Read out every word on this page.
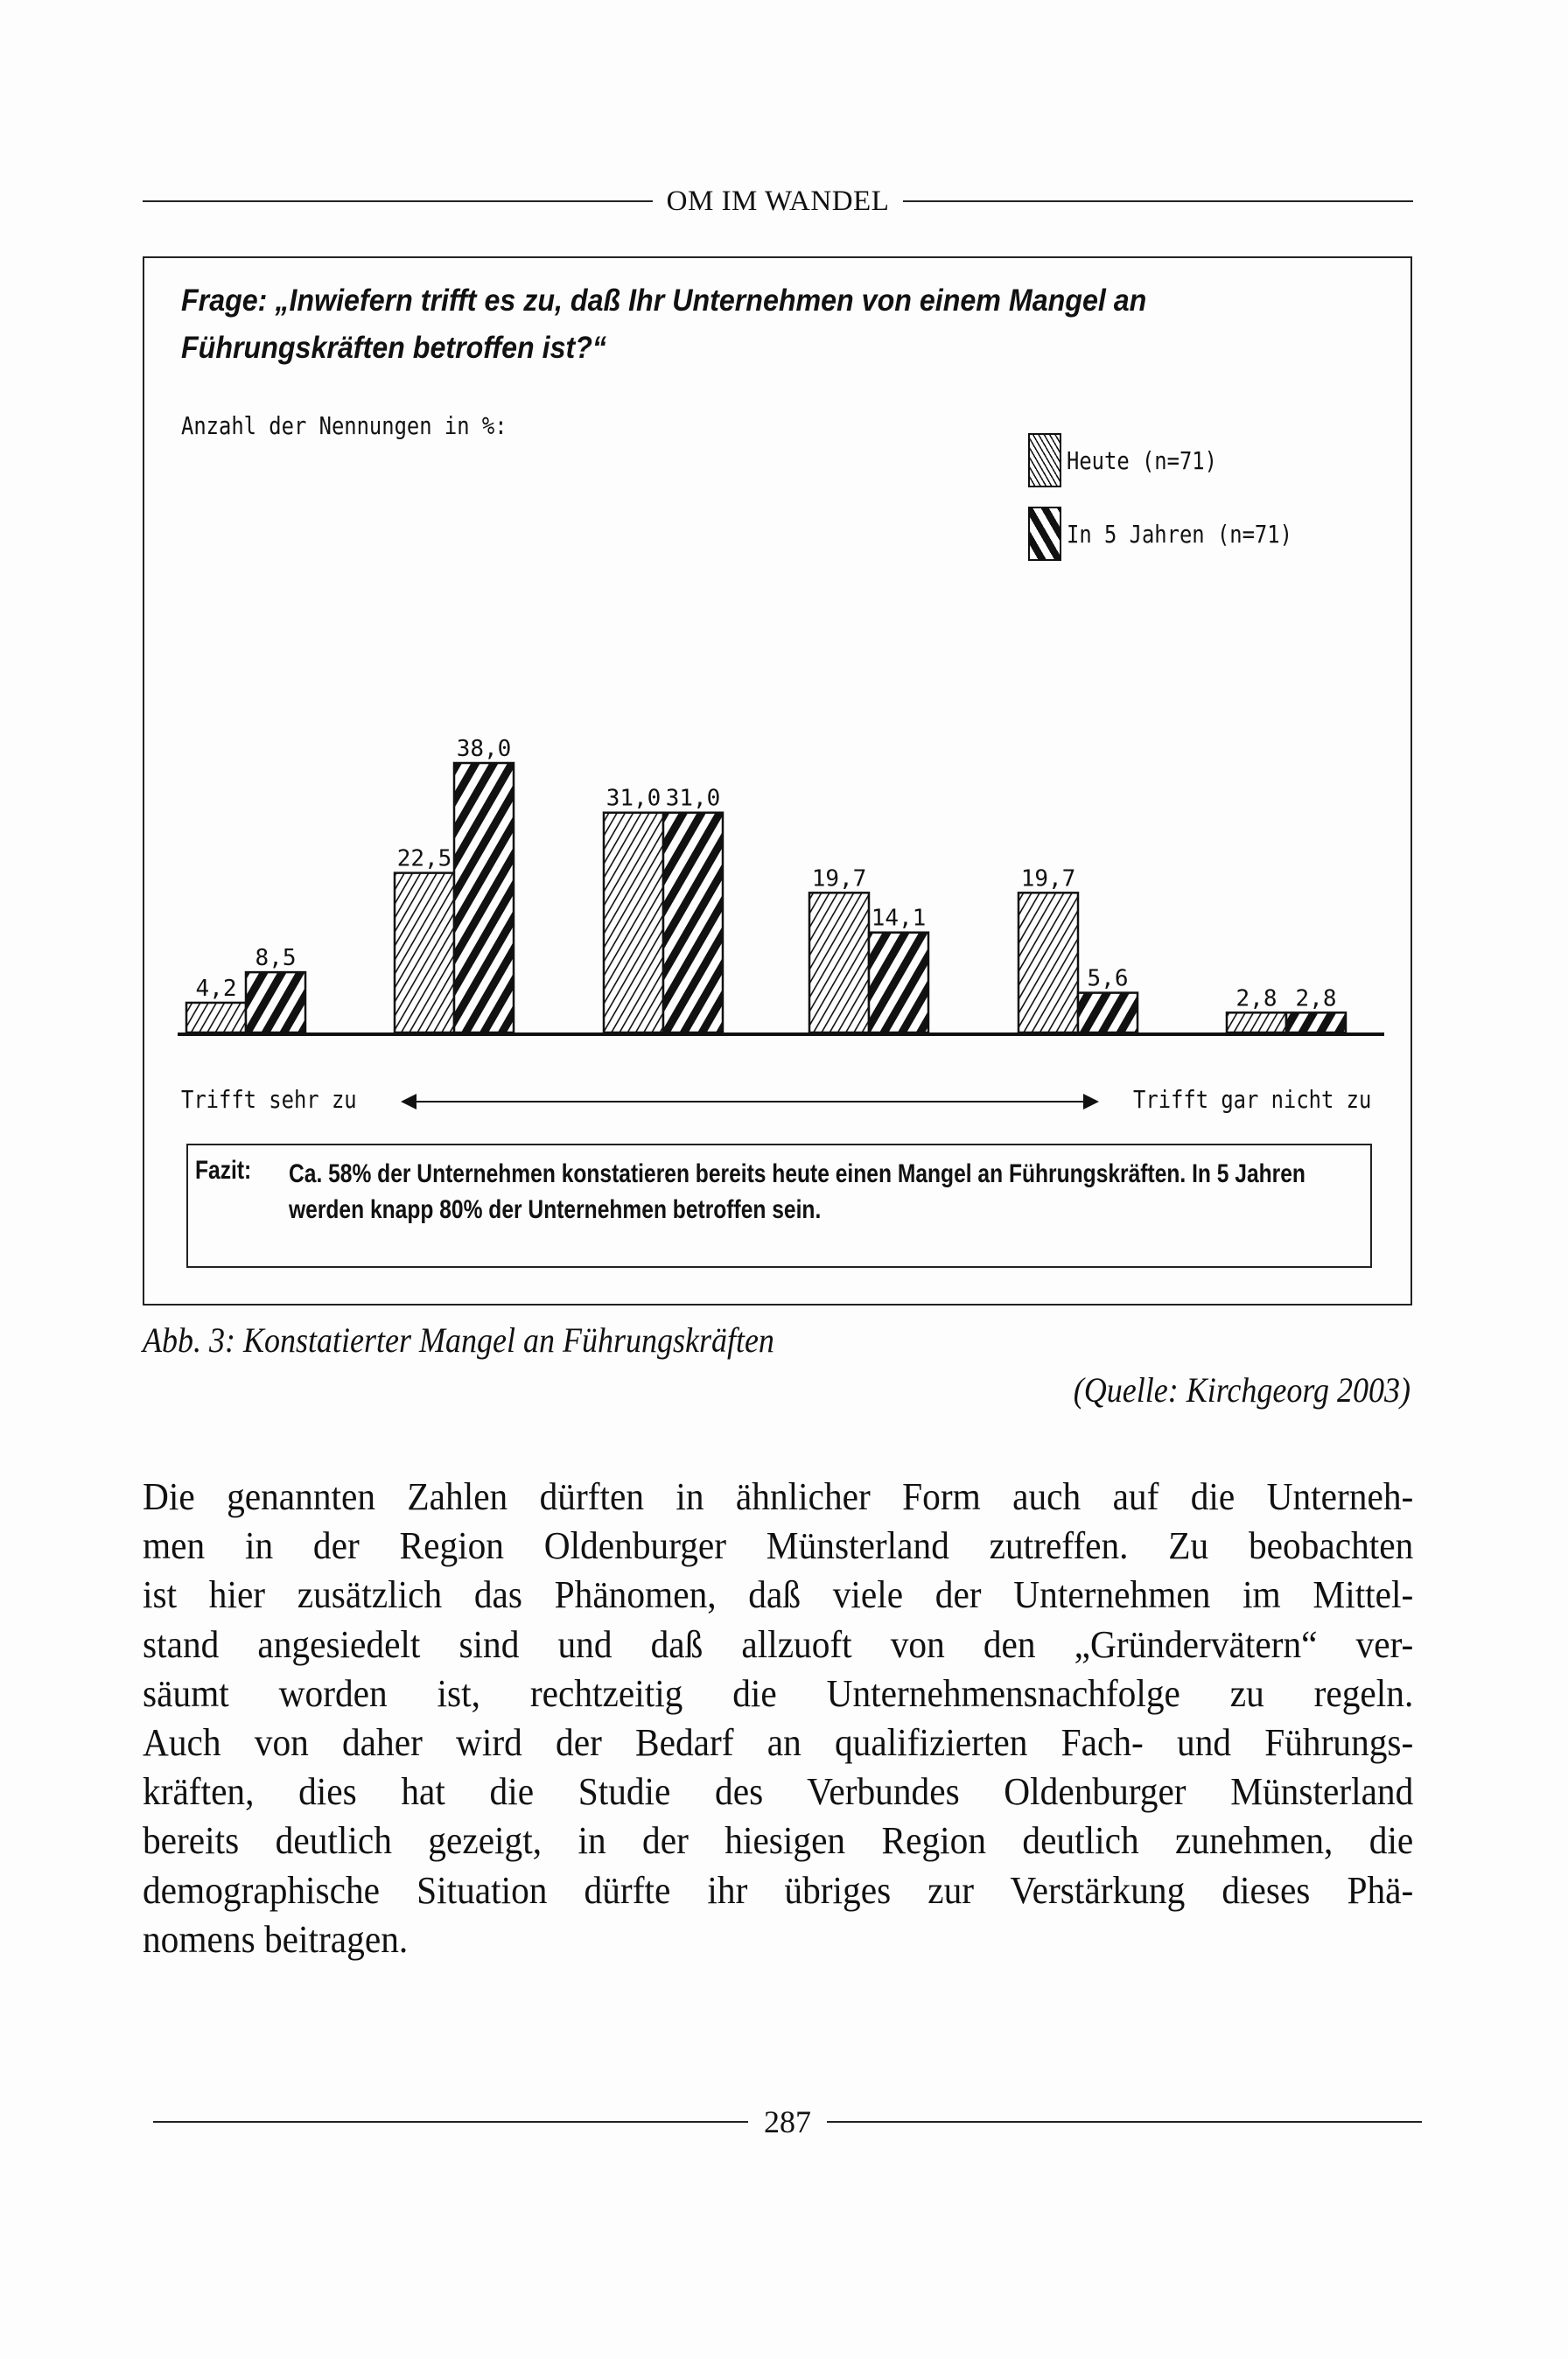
OM IM WANDEL
Frage: „Inwiefern trifft es zu, daß Ihr Unternehmen von einem Mangel an Führungskräften betroffen ist?“
Anzahl der Nennungen in %:
4,2
8,5
22,5
38,0
31,0 31,0
19,7
14,1
19,7
5,6
2,8 2,8
Heute (n=71)
In 5 Jahren (n=71)
Trifft sehr zu	Trifft gar nicht zu
Fazit: Ca. 58% der Unternehmen konstatieren bereits heute einen Mangel an Führungskräften. In 5 Jahren werden knapp 80% der Unternehmen betroffen sein.
Abb. 3: Konstatierter Mangel an Führungskräften
(Quelle: Kirchgeorg 2003)
Die genannten Zahlen dürften in ähnlicher Form auch auf die Unterneh-
men in der Region Oldenburger Münsterland zutreffen. Zu beobachten
ist hier zusätzlich das Phänomen, daß viele der Unternehmen im Mittel-
stand angesiedelt sind und daß allzuoft von den „Gründervätern“ ver-
säumt worden ist, rechtzeitig die Unternehmensnachfolge zu regeln.
Auch von daher wird der Bedarf an qualifizierten Fach- und Führungs-
kräften, dies hat die Studie des Verbundes Oldenburger Münsterland
bereits deutlich gezeigt, in der hiesigen Region deutlich zunehmen, die
demographische Situation dürfte ihr übriges zur Verstärkung dieses Phä-
nomens beitragen.
287
